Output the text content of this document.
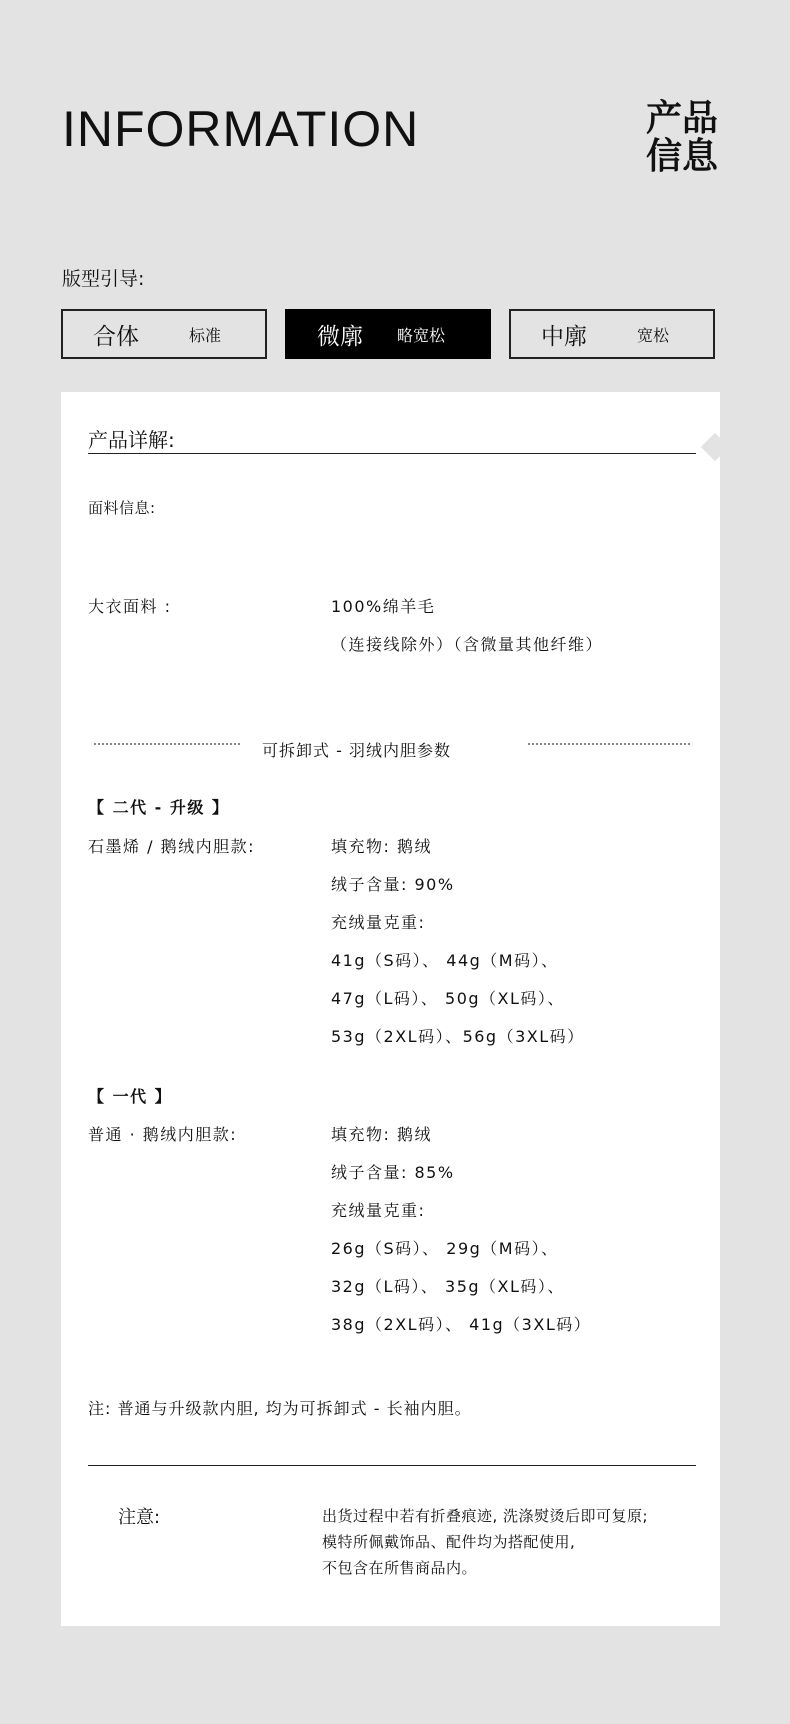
INFORMATION	产品
信息
版型引导:
合体	标准	微廓 略宽松	中廓	宽松
产品详解:
面料信息:
大衣面料 :	100%绵羊毛
（连接线除外）（含微量其他纤维）
可拆卸式 - 羽绒内胆参数
【 二代 - 升级 】
石墨烯 / 鹅绒内胆款:	填充物: 鹅绒
绒子含量: 90%
充绒量克重:
41g（S码）、 44g（M码）、
47g（L码）、 50g（XL码）、
53g（2XL码）、56g（3XL码）
【 一代 】
普通 · 鹅绒内胆款:	填充物: 鹅绒
绒子含量: 85%
充绒量克重:
26g（S码）、 29g（M码）、
32g（L码）、 35g（XL码）、
38g（2XL码）、 41g（3XL码）
注: 普通与升级款内胆, 均为可拆卸式 - 长袖内胆。
注意:	出货过程中若有折叠痕迹, 洗涤熨烫后即可复原;
模特所佩戴饰品、配件均为搭配使用,
不包含在所售商品内。
